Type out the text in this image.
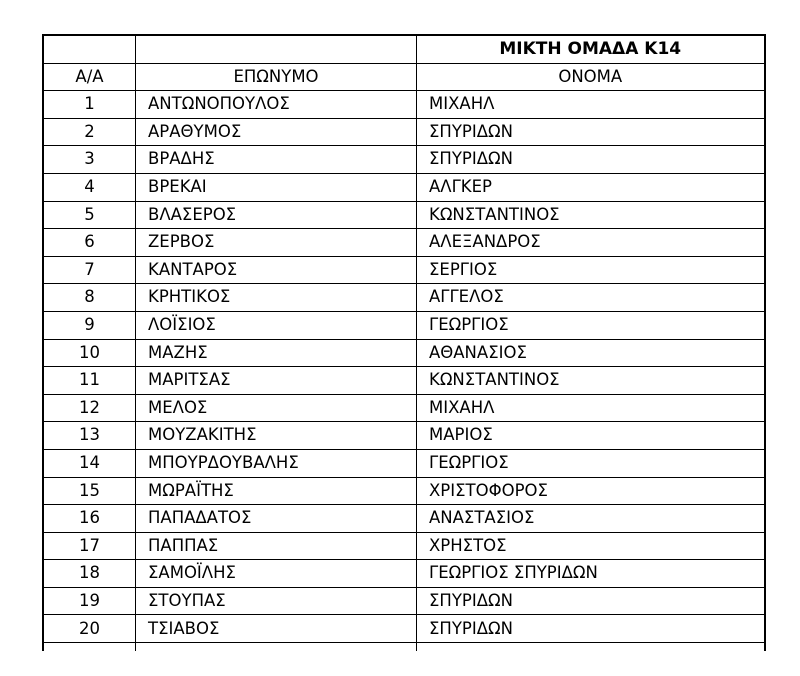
		ΜΙΚΤΗ ΟΜΑΔΑ Κ14
Α/Α	ΕΠΩΝΥΜΟ	ΟΝΟΜΑ
1	ΑΝΤΩΝΟΠΟΥΛΟΣ	ΜΙΧΑΗΛ
2	ΑΡΑΘΥΜΟΣ	ΣΠΥΡΙΔΩΝ
3	ΒΡΑΔΗΣ	ΣΠΥΡΙΔΩΝ
4	ΒΡΕΚΑΙ	ΑΛΓΚΕΡ
5	ΒΛΑΣΕΡΟΣ	ΚΩΝΣΤΑΝΤΙΝΟΣ
6	ΖΕΡΒΟΣ	ΑΛΕΞΑΝΔΡΟΣ
7	ΚΑΝΤΑΡΟΣ	ΣΕΡΓΙΟΣ
8	ΚΡΗΤΙΚΟΣ	ΑΓΓΕΛΟΣ
9	ΛΟΪΣΙΟΣ	ΓΕΩΡΓΙΟΣ
10	ΜΑΖΗΣ	ΑΘΑΝΑΣΙΟΣ
11	ΜΑΡΙΤΣΑΣ	ΚΩΝΣΤΑΝΤΙΝΟΣ
12	ΜΕΛΟΣ	ΜΙΧΑΗΛ
13	ΜΟΥΖΑΚΙΤΗΣ	ΜΑΡΙΟΣ
14	ΜΠΟΥΡΔΟΥΒΑΛΗΣ	ΓΕΩΡΓΙΟΣ
15	ΜΩΡΑΪΤΗΣ	ΧΡΙΣΤΟΦΟΡΟΣ
16	ΠΑΠΑΔΑΤΟΣ	ΑΝΑΣΤΑΣΙΟΣ
17	ΠΑΠΠΑΣ	ΧΡΗΣΤΟΣ
18	ΣΑΜΟΪΛΗΣ	ΓΕΩΡΓΙΟΣ ΣΠΥΡΙΔΩΝ
19	ΣΤΟΥΠΑΣ	ΣΠΥΡΙΔΩΝ
20	ΤΣΙΑΒΟΣ	ΣΠΥΡΙΔΩΝ
